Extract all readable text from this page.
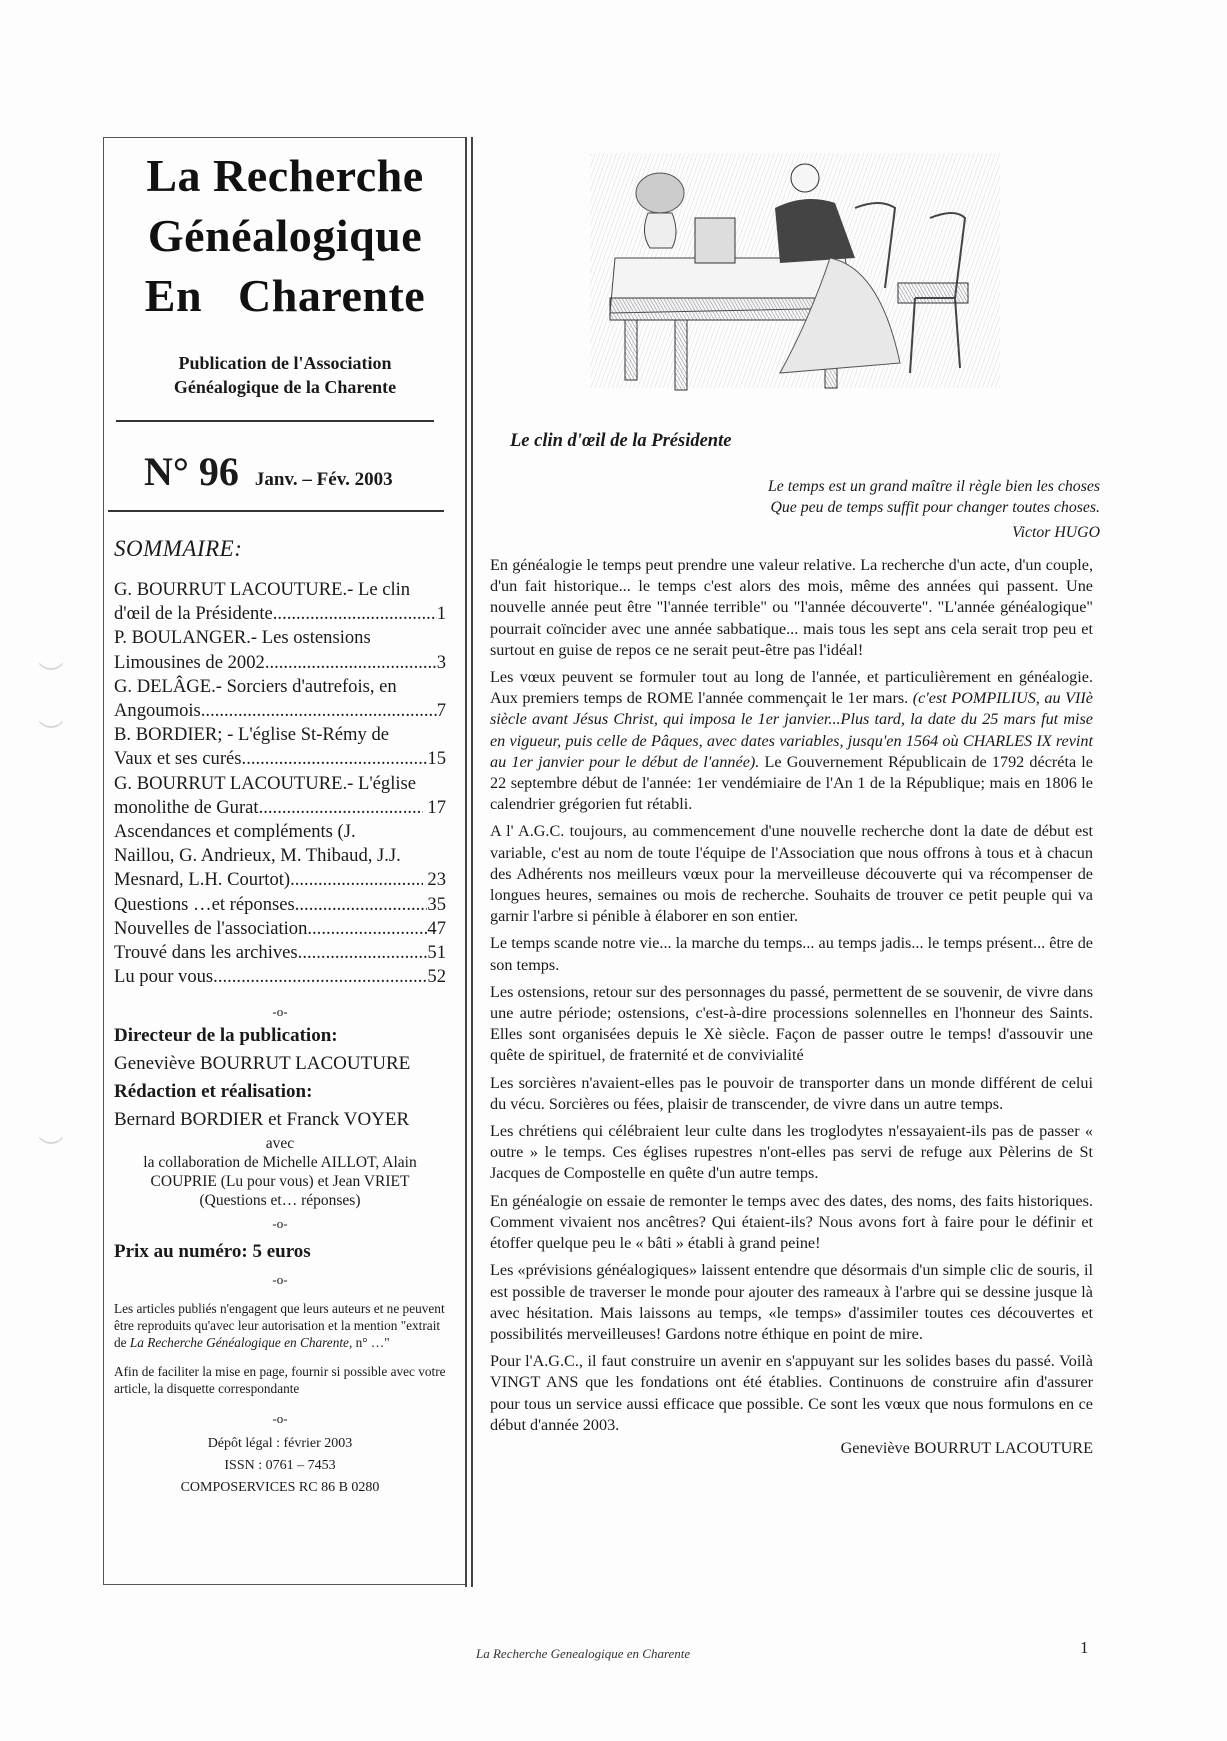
La Recherche
Généalogique
En   Charente
Publication de l'Association
Généalogique de la Charente
N° 96 Janv. – Fév. 2003
SOMMAIRE:
G. BOURRUT LACOUTURE.- Le clin
d'œil de la Présidente .....	1
P. BOULANGER.- Les ostensions
Limousines de 2002 .....	3
G. DELÂGE.- Sorciers d'autrefois, en
Angoumois .....	7
B. BORDIER; - L'église St-Rémy de
Vaux et ses curés .....	15
G. BOURRUT LACOUTURE.- L'église
monolithe de Gurat .....	17
Ascendances et compléments (J.
Naillou, G. Andrieux, M. Thibaud, J.J.
Mesnard, L.H. Courtot) .....	23
Questions …et réponses .....	35
Nouvelles de l'association .....	47
Trouvé dans les archives .....	51
Lu pour vous .....	52
-o-
Directeur de la publication:
Geneviève BOURRUT LACOUTURE
Rédaction et réalisation:
Bernard BORDIER et Franck VOYER
avec
la collaboration de Michelle AILLOT, Alain
COUPRIE (Lu pour vous) et Jean VRIET
(Questions et… réponses)
-o-
Prix au numéro: 5 euros
-o-
Les articles publiés n'engagent que leurs auteurs et ne peuvent être reproduits qu'avec leur autorisation et la mention "extrait de La Recherche Généalogique en Charente, n° …"
Afin de faciliter la mise en page, fournir si possible avec votre article, la disquette correspondante
-o-
Dépôt légal : février 2003
ISSN : 0761 – 7453
COMPOSERVICES RC 86 B 0280
Le clin d'œil de la Présidente
Le temps est un grand maître il règle bien les choses
Que peu de temps suffit pour changer toutes choses.
Victor HUGO

En généalogie le temps peut prendre une valeur relative. La recherche d'un acte, d'un couple, d'un fait historique... le temps c'est alors des mois, même des années qui passent. Une nouvelle année peut être "l'année terrible" ou "l'année découverte". "L'année généalogique" pourrait coïncider avec une année sabbatique... mais tous les sept ans cela serait trop peu et surtout en guise de repos ce ne serait peut-être pas l'idéal!

Les vœux peuvent se formuler tout au long de l'année, et particulièrement en généalogie. Aux premiers temps de ROME l'année commençait le 1er mars. (c'est POMPILIUS, au VIIè siècle avant Jésus Christ, qui imposa le 1er janvier...Plus tard, la date du 25 mars fut mise en vigueur, puis celle de Pâques, avec dates variables, jusqu'en 1564 où CHARLES IX revint au 1er janvier pour le début de l'année). Le Gouvernement Républicain de 1792 décréta le 22 septembre début de l'année: 1er vendémiaire de l'An 1 de la République; mais en 1806 le calendrier grégorien fut rétabli.

A l' A.G.C. toujours, au commencement d'une nouvelle recherche dont la date de début est variable, c'est au nom de toute l'équipe de l'Association que nous offrons à tous et à chacun des Adhérents nos meilleurs vœux pour la merveilleuse découverte qui va récompenser de longues heures, semaines ou mois de recherche. Souhaits de trouver ce petit peuple qui va garnir l'arbre si pénible à élaborer en son entier.

Le temps scande notre vie... la marche du temps... au temps jadis... le temps présent... être de son temps.

Les ostensions, retour sur des personnages du passé, permettent de se souvenir, de vivre dans une autre période; ostensions, c'est-à-dire processions solennelles en l'honneur des Saints. Elles sont organisées depuis le Xè siècle. Façon de passer outre le temps! d'assouvir une quête de spirituel, de fraternité et de convivialité

Les sorcières n'avaient-elles pas le pouvoir de transporter dans un monde différent de celui du vécu. Sorcières ou fées, plaisir de transcender, de vivre dans un autre temps.

Les chrétiens qui célébraient leur culte dans les troglodytes n'essayaient-ils pas de passer « outre » le temps. Ces églises rupestres n'ont-elles pas servi de refuge aux Pèlerins de St Jacques de Compostelle en quête d'un autre temps.

En généalogie on essaie de remonter le temps avec des dates, des noms, des faits historiques. Comment vivaient nos ancêtres? Qui étaient-ils? Nous avons fort à faire pour le définir et étoffer quelque peu le « bâti » établi à grand peine!

Les «prévisions généalogiques» laissent entendre que désormais d'un simple clic de souris, il est possible de traverser le monde pour ajouter des rameaux à l'arbre qui se dessine jusque là avec hésitation. Mais laissons au temps, «le temps» d'assimiler toutes ces découvertes et possibilités merveilleuses! Gardons notre éthique en point de mire.

Pour l'A.G.C., il faut construire un avenir en s'appuyant sur les solides bases du passé. Voilà VINGT ANS que les fondations ont été établies. Continuons de construire afin d'assurer pour tous un service aussi efficace que possible. Ce sont les vœux que nous formulons en ce début d'année 2003.

Geneviève BOURRUT LACOUTURE
La Recherche Genealogique en Charente	1
